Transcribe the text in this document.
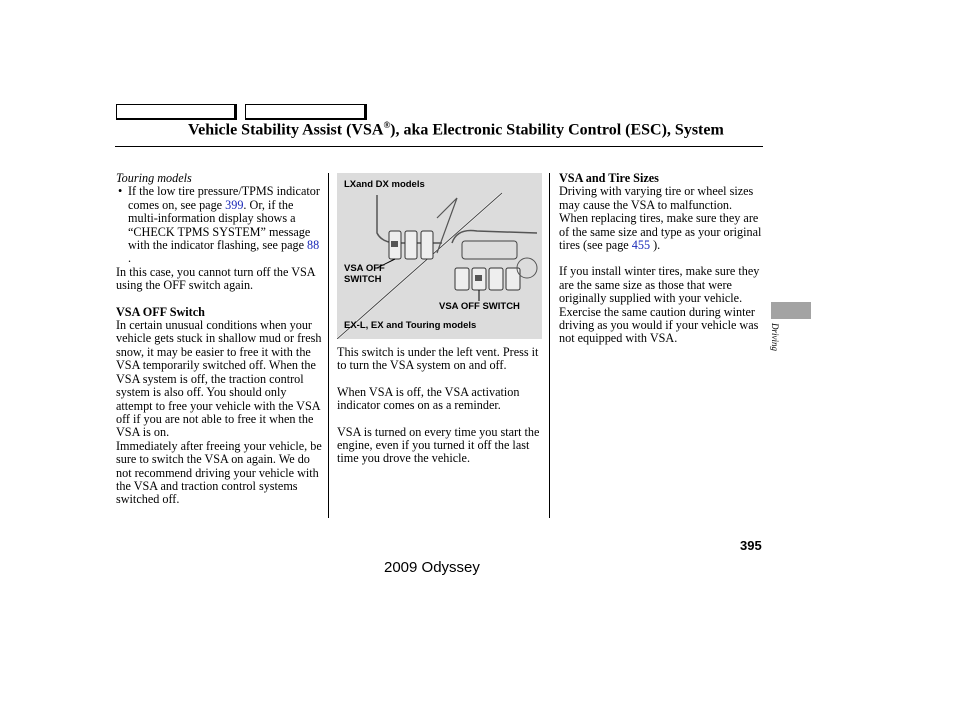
Vehicle Stability Assist (VSA®), aka Electronic Stability Control (ESC), System

Touring models

• If the low tire pressure/TPMS indicator comes on, see page 399. Or, if the multi-information display shows a “CHECK TPMS SYSTEM” message with the indicator flashing, see page 88 .

In this case, you cannot turn off the VSA using the OFF switch again.

VSA OFF Switch

In certain unusual conditions when your vehicle gets stuck in shallow mud or fresh snow, it may be easier to free it with the VSA temporarily switched off. When the VSA system is off, the traction control system is also off. You should only attempt to free your vehicle with the VSA off if you are not able to free it when the VSA is on.

Immediately after freeing your vehicle, be sure to switch the VSA on again. We do not recommend driving your vehicle with the VSA and traction control systems switched off.

LXand DX models
VSA OFF
SWITCH
VSA OFF SWITCH
EX-L, EX and Touring models

This switch is under the left vent. Press it to turn the VSA system on and off.

When VSA is off, the VSA activation indicator comes on as a reminder.

VSA is turned on every time you start the engine, even if you turned it off the last time you drove the vehicle.

VSA and Tire Sizes

Driving with varying tire or wheel sizes may cause the VSA to malfunction. When replacing tires, make sure they are of the same size and type as your original tires (see page 455 ).

If you install winter tires, make sure they are the same size as those that were originally supplied with your vehicle. Exercise the same caution during winter driving as you would if your vehicle was not equipped with VSA.	Driving
395
2009 Odyssey
